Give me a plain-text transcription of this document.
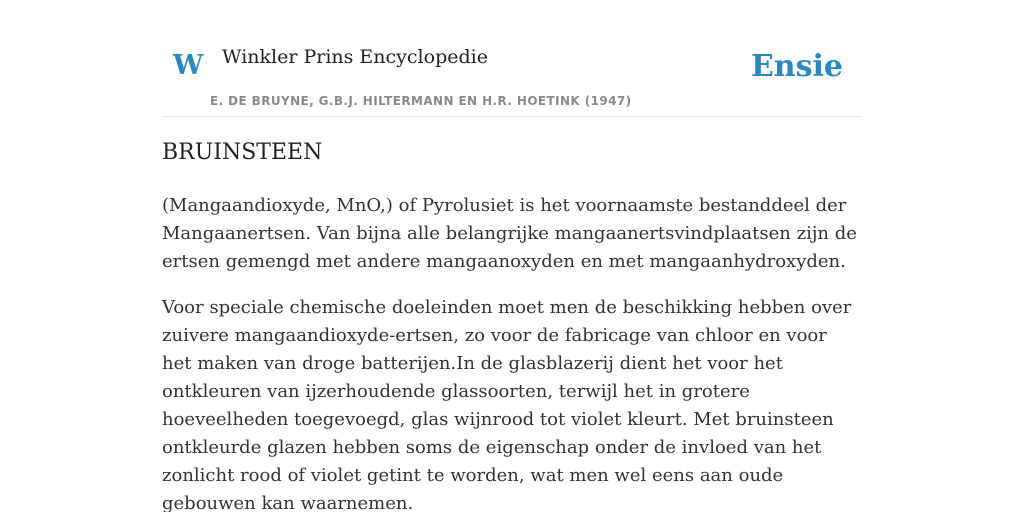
W Winkler Prins Encyclopedie
E. DE BRUYNE, G.B.J. HILTERMANN EN H.R. HOETINK (1947)
Ensie
BRUINSTEEN

(Mangaandioxyde, MnO,) of Pyrolusiet is het voornaamste bestanddeel der Mangaanertsen. Van bijna alle belangrijke mangaanertsvindplaatsen zijn de ertsen gemengd met andere mangaanoxyden en met mangaanhydroxyden.

Voor speciale chemische doeleinden moet men de beschikking hebben over zuivere mangaandioxyde-ertsen, zo voor de fabricage van chloor en voor het maken van droge batterijen.In de glasblazerij dient het voor het ontkleuren van ijzerhoudende glassoorten, terwijl het in grotere hoeveelheden toegevoegd, glas wijnrood tot violet kleurt. Met bruinsteen ontkleurde glazen hebben soms de eigenschap onder de invloed van het zonlicht rood of violet getint te worden, wat men wel eens aan oude gebouwen kan waarnemen.
